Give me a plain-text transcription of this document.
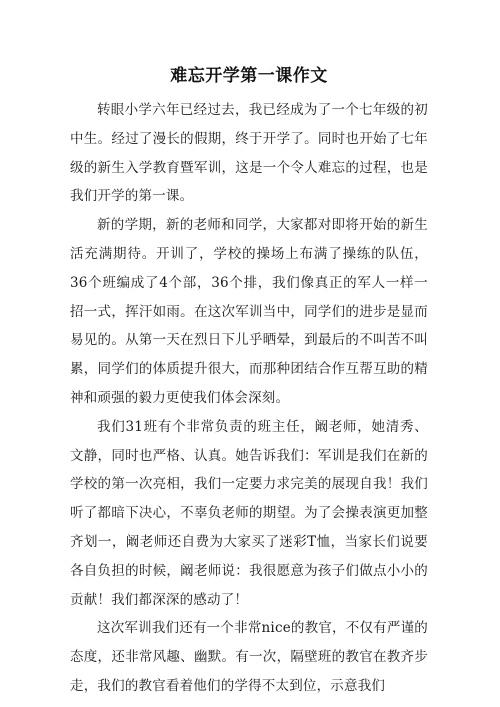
难忘开学第一课作文

转眼小学六年已经过去，我已经成为了一个七年级的初中生。经过了漫长的假期，终于开学了。同时也开始了七年级的新生入学教育暨军训，这是一个令人难忘的过程，也是我们开学的第一课。

新的学期，新的老师和同学，大家都对即将开始的新生活充满期待。开训了，学校的操场上布满了操练的队伍，36个班编成了4个部，36个排，我们像真正的军人一样一招一式，挥汗如雨。在这次军训当中，同学们的进步是显而易见的。从第一天在烈日下儿乎晒晕，到最后的不叫苦不叫累，同学们的体质提升很大，而那种团结合作互帮互助的精神和顽强的毅力更使我们体会深刻。

我们31班有个非常负责的班主任，阚老师，她清秀、文静，同时也严格、认真。她告诉我们：军训是我们在新的学校的第一次亮相，我们一定要力求完美的展现自我！我们听了都暗下决心，不辜负老师的期望。为了会操表演更加整齐划一，阚老师还自费为大家买了迷彩T恤，当家长们说要各自负担的时候，阚老师说：我很愿意为孩子们做点小小的贡献！我们都深深的感动了！

这次军训我们还有一个非常nice的教官，不仅有严谨的态度，还非常风趣、幽默。有一次，隔壁班的教官在教齐步走，我们的教官看着他们的学得不太到位，示意我们
